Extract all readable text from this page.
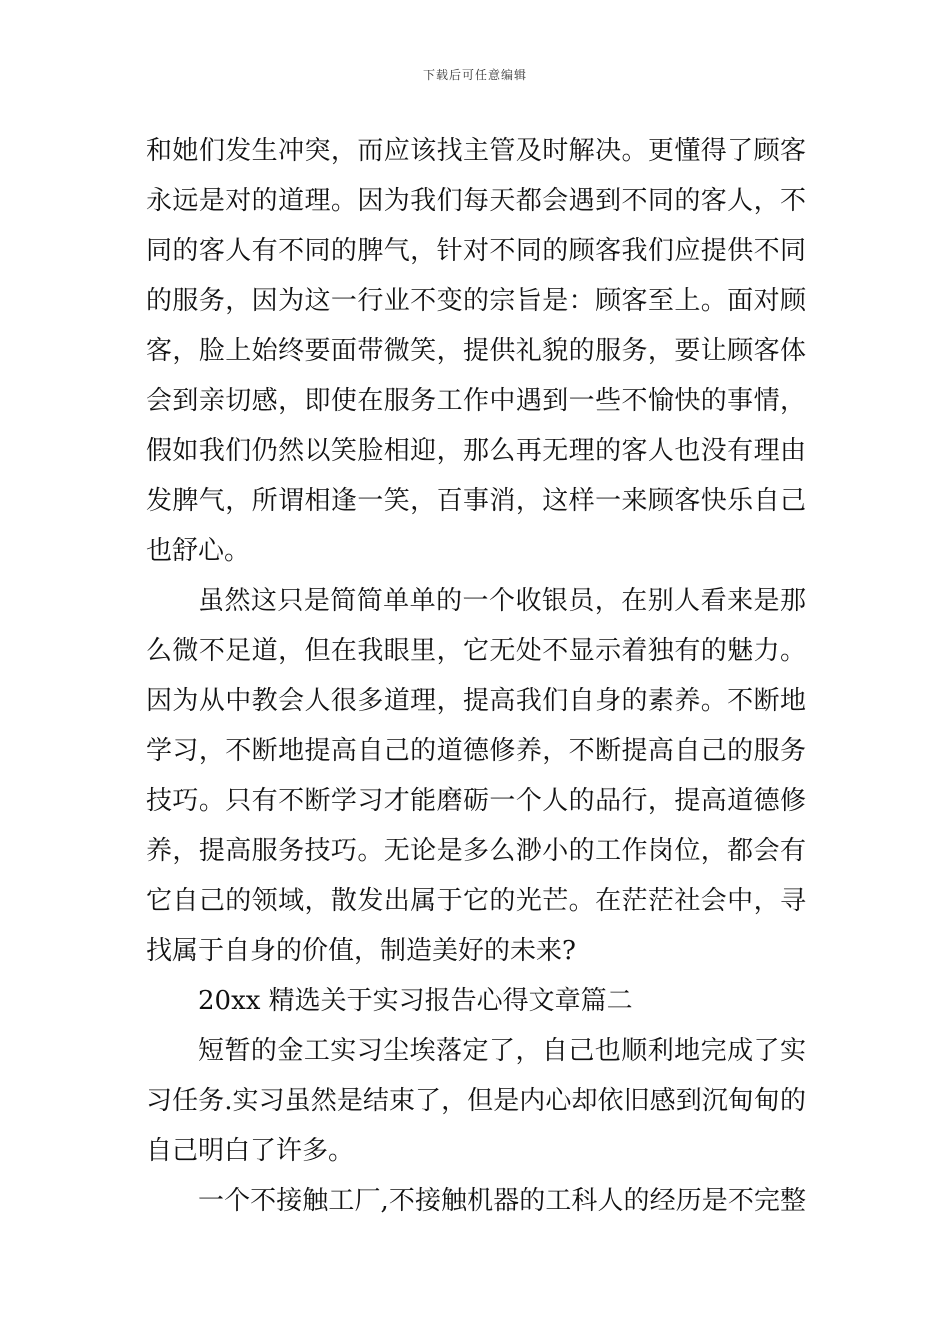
下载后可任意编辑
和她们发生冲突，而应该找主管及时解决。更懂得了顾客
永远是对的道理。因为我们每天都会遇到不同的客人，不
同的客人有不同的脾气，针对不同的顾客我们应提供不同
的服务，因为这一行业不变的宗旨是：顾客至上。面对顾
客，脸上始终要面带微笑，提供礼貌的服务，要让顾客体
会到亲切感，即使在服务工作中遇到一些不愉快的事情，
假如我们仍然以笑脸相迎，那么再无理的客人也没有理由
发脾气，所谓相逢一笑，百事消，这样一来顾客快乐自己
也舒心。
虽然这只是简简单单的一个收银员，在别人看来是那
么微不足道，但在我眼里，它无处不显示着独有的魅力。
因为从中教会人很多道理，提高我们自身的素养。不断地
学习，不断地提高自己的道德修养，不断提高自己的服务
技巧。只有不断学习才能磨砺一个人的品行，提高道德修
养，提高服务技巧。无论是多么渺小的工作岗位，都会有
它自己的领域，散发出属于它的光芒。在茫茫社会中，寻
找属于自身的价值，制造美好的未来?
20xx 精选关于实习报告心得文章篇二
短暂的金工实习尘埃落定了，自己也顺利地完成了实
习任务.实习虽然是结束了，但是内心却依旧感到沉甸甸的
自己明白了许多。
一个不接触工厂,不接触机器的工科人的经历是不完整
